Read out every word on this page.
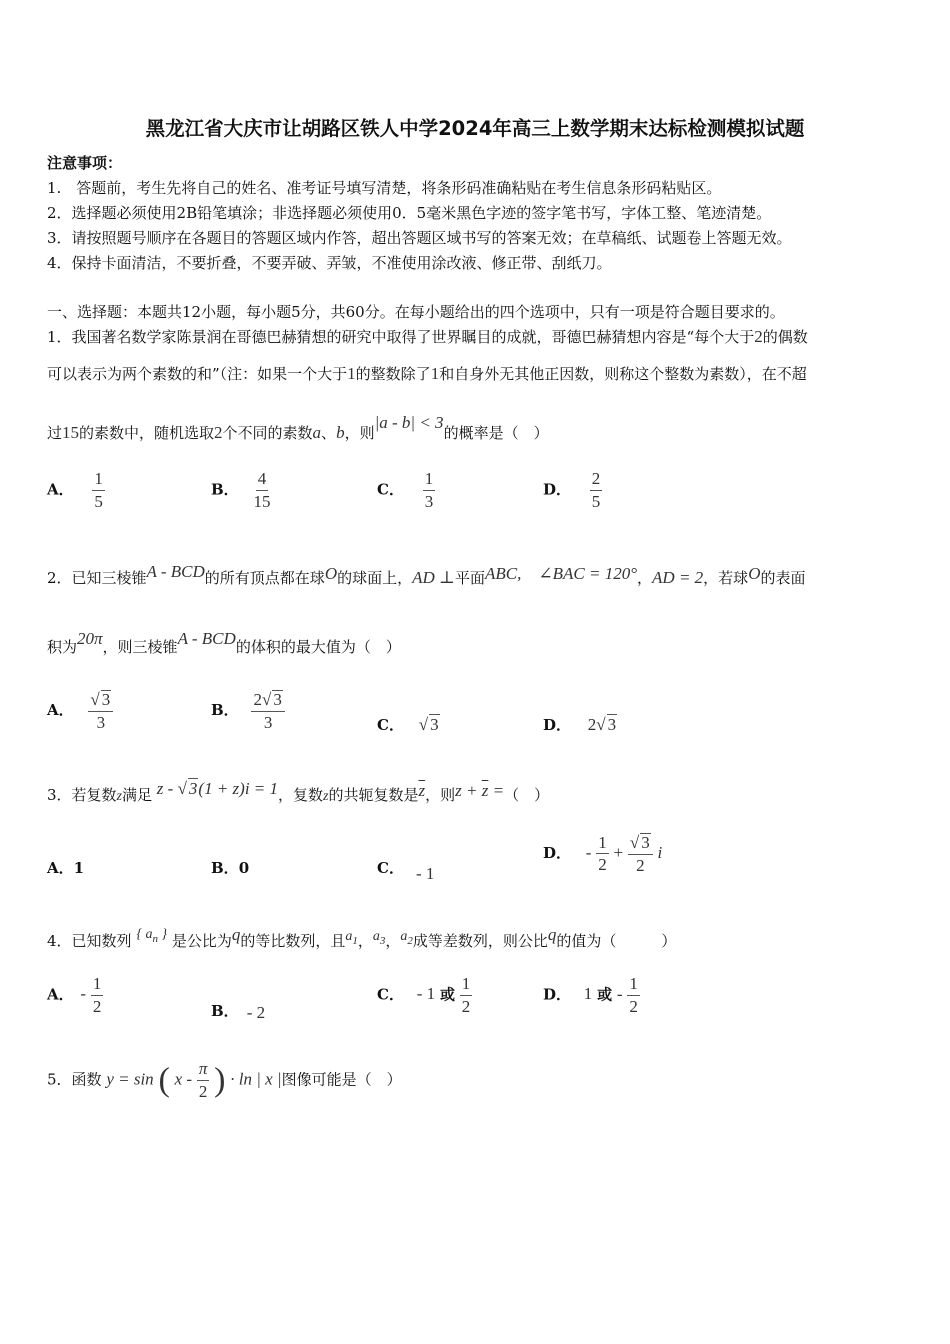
黑龙江省大庆市让胡路区铁人中学2024年高三上数学期末达标检测模拟试题
注意事项：
1.　答题前，考生先将自己的姓名、准考证号填写清楚，将条形码准确粘贴在考生信息条形码粘贴区。
2．选择题必须使用2B铅笔填涂；非选择题必须使用0．5毫米黑色字迹的签字笔书写，字体工整、笔迹清楚。
3．请按照题号顺序在各题目的答题区域内作答，超出答题区域书写的答案无效；在草稿纸、试题卷上答题无效。
4．保持卡面清洁，不要折叠，不要弄破、弄皱，不准使用涂改液、修正带、刮纸刀。
一、选择题：本题共12小题，每小题5分，共60分。在每小题给出的四个选项中，只有一项是符合题目要求的。
1．我国著名数学家陈景润在哥德巴赫猜想的研究中取得了世界瞩目的成就，哥德巴赫猜想内容是“每个大于2的偶数
可以表示为两个素数的和”（注：如果一个大于1的整数除了1和自身外无其他正因数，则称这个整数为素数），在不超
过15的素数中，随机选取2个不同的素数a、b，则|a - b| < 3的概率是（　）
A． $\frac{1}{5}$	B． $\frac{4}{15}$	C． $\frac{1}{3}$	D． $\frac{2}{5}$
2．已知三棱锥A - BCD的所有顶点都在球O的球面上，AD ⊥平面ABC,　∠BAC = 120°，AD = 2，若球O的表面
积为20π，则三棱锥A - BCD的体积的最大值为（　）
A． $\frac{√ 3}{3}$	B． $\frac{2√ 3}{3}$	C． √ 3	D． 2√ 3
3．若复数z满足 z - √ 3(1 + z)i = 1，复数z的共轭复数是$\overline{z}$，则$z + \overline{z}$ =（　）
A．1	B．0	C． - 1
D． - $\frac{1}{2} + \frac{√ 3}{2}$ i
4．已知数列 { $a_n$ } 是公比为q的等比数列，且$a_1$，$a_3$，$a_2$成等差数列，则公比q的值为（　　　）
A． - $\frac{1}{2}$	B． - 2
C． - 1 或 $\frac{1}{2}$	D． 1 或 - $\frac{1}{2}$
5．函数 y = sin ( x - $\frac{\pi}{2}$ ) · ln | x |图像可能是（　）
